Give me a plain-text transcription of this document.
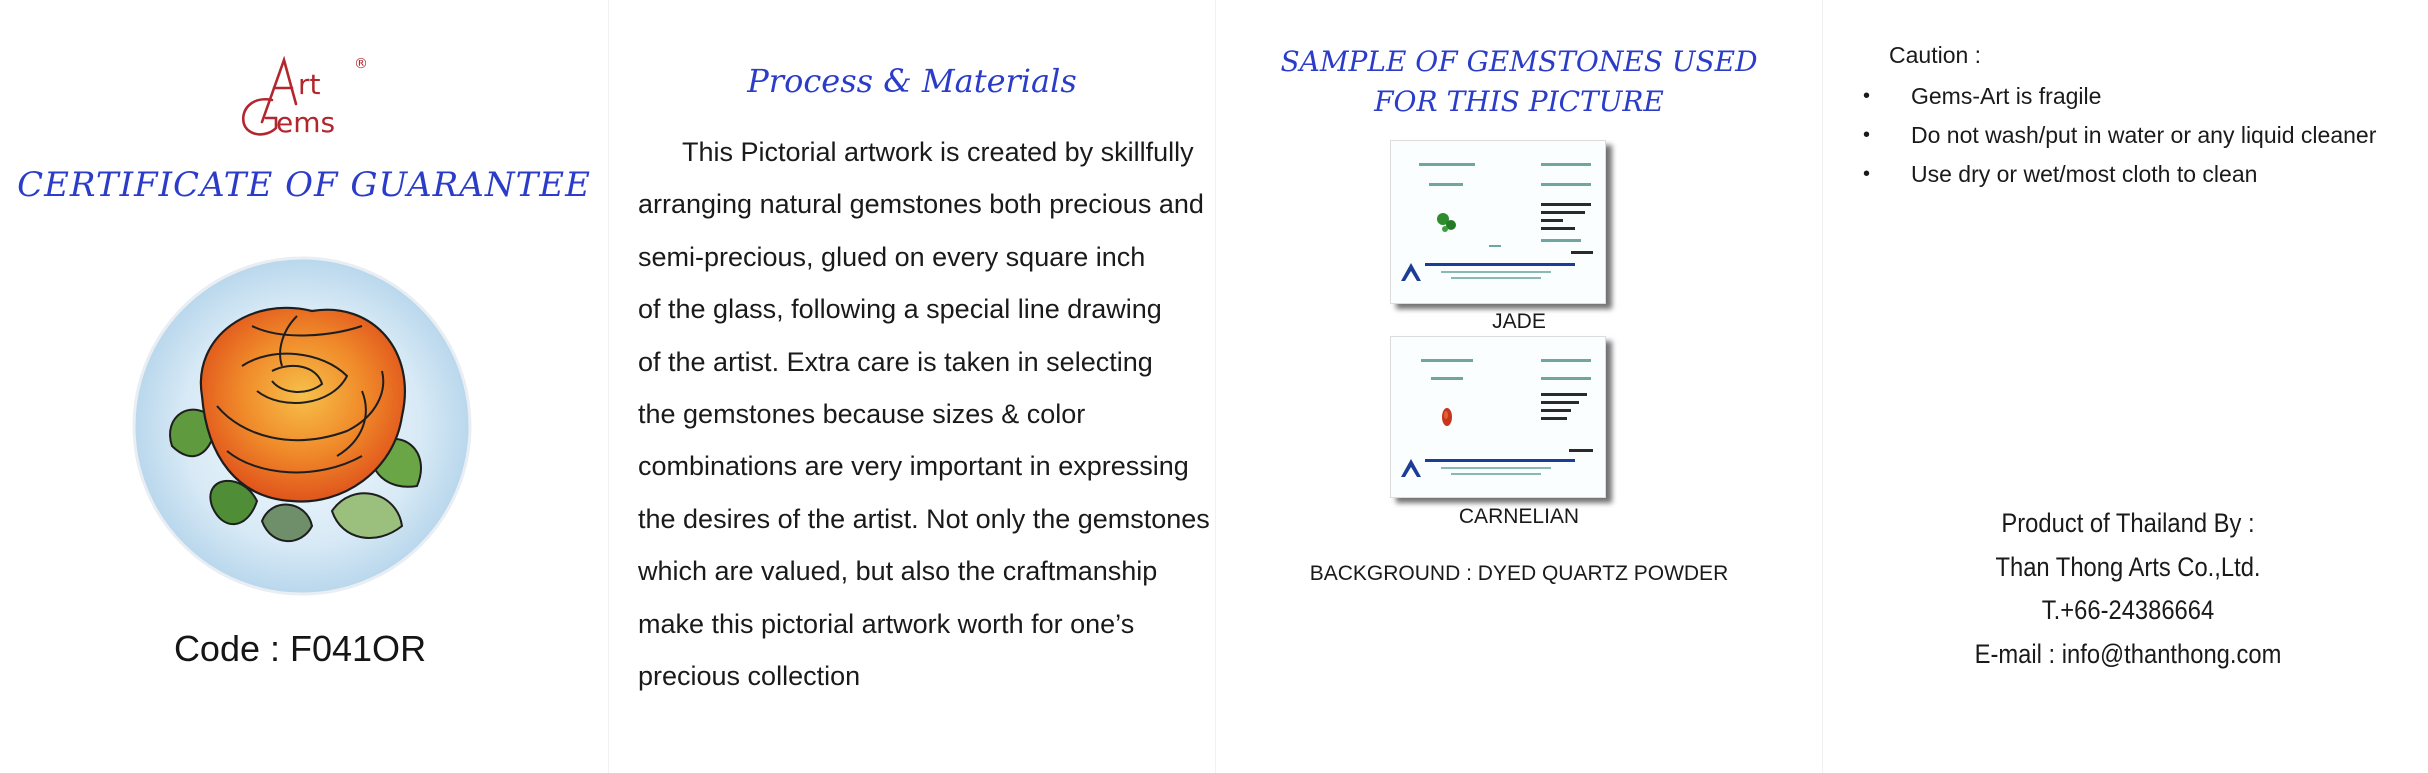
rt
ems
®
CERTIFICATE OF GUARANTEE
Code : F041OR
Process & Materials
This Pictorial artwork is created by skillfully
arranging natural gemstones both precious and
semi-precious, glued on every square inch
of the glass, following a special line drawing
of the artist. Extra care is taken in selecting
the gemstones because sizes & color
combinations are very important in expressing
the desires of the artist. Not only the gemstones
which are valued, but also the craftmanship
make this pictorial artwork worth for one’s
precious collection
SAMPLE OF GEMSTONES USED
FOR THIS PICTURE
JADE
CARNELIAN
BACKGROUND : DYED QUARTZ POWDER
Caution :
• Gems-Art is fragile
• Do not wash/put in water or any liquid cleaner
• Use dry or wet/most cloth to clean
Product of Thailand By :
Than Thong Arts Co.,Ltd.
T.+66-24386664
E-mail : info@thanthong.com
